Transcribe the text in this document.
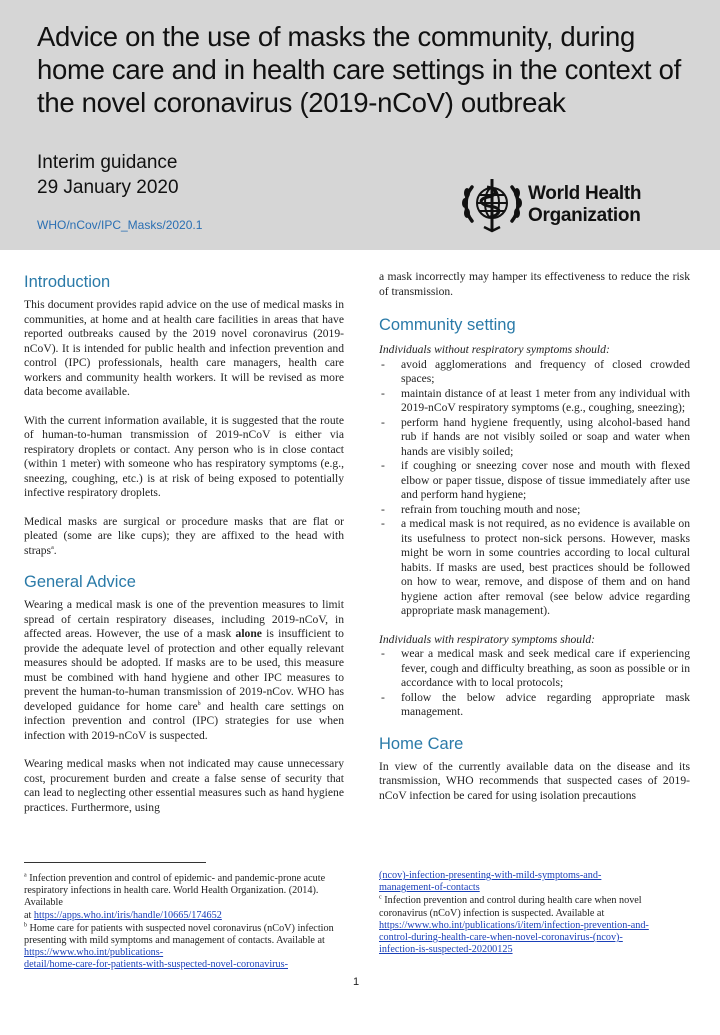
Advice on the use of masks the community, during home care and in health care settings in the context of the novel coronavirus (2019-nCoV) outbreak
Interim guidance
29 January 2020
WHO/nCov/IPC_Masks/2020.1
World Health
Organization
Introduction

This document provides rapid advice on the use of medical masks in communities, at home and at health care facilities in areas that have reported outbreaks caused by the 2019 novel coronavirus (2019-nCoV). It is intended for public health and infection prevention and control (IPC) professionals, health care managers, health care workers and community health workers. It will be revised as more data become available.

With the current information available, it is suggested that the route of human-to-human transmission of 2019-nCoV is either via respiratory droplets or contact. Any person who is in close contact (within 1 meter) with someone who has respiratory symptoms (e.g., sneezing, coughing, etc.) is at risk of being exposed to potentially infective respiratory droplets.

Medical masks are surgical or procedure masks that are flat or pleated (some are like cups); they are affixed to the head with straps$^a$.

General Advice

Wearing a medical mask is one of the prevention measures to limit spread of certain respiratory diseases, including 2019-nCoV, in affected areas. However, the use of a mask alone is insufficient to provide the adequate level of protection and other equally relevant measures should be adopted. If masks are to be used, this measure must be combined with hand hygiene and other IPC measures to prevent the human-to-human transmission of 2019-nCov. WHO has developed guidance for home care$^b$ and health care settings on infection prevention and control (IPC) strategies for use when infection with 2019-nCoV is suspected.

Wearing medical masks when not indicated may cause unnecessary cost, procurement burden and create a false sense of security that can lead to neglecting other essential measures such as hand hygiene practices. Furthermore, using

a mask incorrectly may hamper its effectiveness to reduce the risk of transmission.

Community setting
Individuals without respiratory symptoms should:
- avoid agglomerations and frequency of closed crowded spaces;
- maintain distance of at least 1 meter from any individual with 2019-nCoV respiratory symptoms (e.g., coughing, sneezing);
- perform hand hygiene frequently, using alcohol-based hand rub if hands are not visibly soiled or soap and water when hands are visibly soiled;
- if coughing or sneezing cover nose and mouth with flexed elbow or paper tissue, dispose of tissue immediately after use and perform hand hygiene;
- refrain from touching mouth and nose;
- a medical mask is not required, as no evidence is available on its usefulness to protect non-sick persons. However, masks might be worn in some countries according to local cultural habits. If masks are used, best practices should be followed on how to wear, remove, and dispose of them and on hand hygiene action after removal (see below advice regarding appropriate mask management).
Individuals with respiratory symptoms should:
- wear a medical mask and seek medical care if experiencing fever, cough and difficulty breathing, as soon as possible or in accordance with to local protocols;
- follow the below advice regarding appropriate mask management.
Home Care

In view of the currently available data on the disease and its transmission, WHO recommends that suspected cases of 2019-nCoV infection be cared for using isolation precautions

$^a$ Infection prevention and control of epidemic- and pandemic-prone acute respiratory infections in health care. World Health Organization. (2014). Available
at https://apps.who.int/iris/handle/10665/174652
$^b$ Home care for patients with suspected novel coronavirus (nCoV) infection presenting with mild symptoms and management of contacts. Available at https://www.who.int/publications-
detail/home-care-for-patients-with-suspected-novel-coronavirus-
(ncov)-infection-presenting-with-mild-symptoms-and-
management-of-contacts
$^c$ Infection prevention and control during health care when novel coronavirus (nCoV) infection is suspected. Available at
https://www.who.int/publications/i/item/infection-prevention-and-
control-during-health-care-when-novel-coronavirus-(ncov)-
infection-is-suspected-20200125
1
